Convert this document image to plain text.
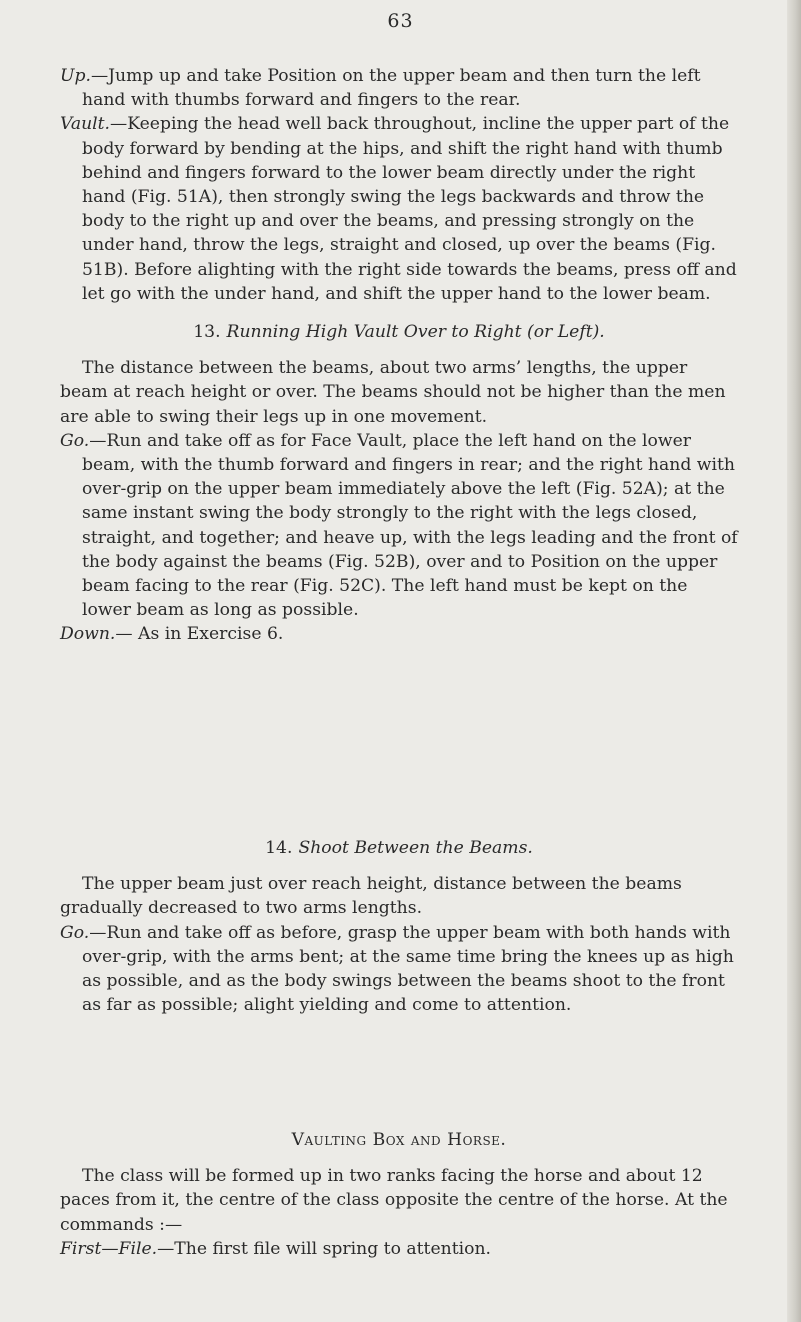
63

Up.—Jump up and take Position on the upper beam and then turn the left hand with thumbs forward and fingers to the rear.

Vault.—Keeping the head well back throughout, incline the upper part of the body forward by bending at the hips, and shift the right hand with thumb behind and fingers forward to the lower beam directly under the right hand (Fig. 51A), then strongly swing the legs backwards and throw the body to the right up and over the beams, and pressing strongly on the under hand, throw the legs, straight and closed, up over the beams (Fig. 51B). Before alighting with the right side towards the beams, press off and let go with the under hand, and shift the upper hand to the lower beam.

13. Running High Vault Over to Right (or Left).

The distance between the beams, about two arms’ lengths, the upper beam at reach height or over. The beams should not be higher than the men are able to swing their legs up in one movement.

Go.—Run and take off as for Face Vault, place the left hand on the lower beam, with the thumb forward and fingers in rear; and the right hand with over-grip on the upper beam immediately above the left (Fig. 52A); at the same instant swing the body strongly to the right with the legs closed, straight, and together; and heave up, with the legs leading and the front of the body against the beams (Fig. 52B), over and to Position on the upper beam facing to the rear (Fig. 52C). The left hand must be kept on the lower beam as long as possible.

Down.— As in Exercise 6.

14. Shoot Between the Beams.

The upper beam just over reach height, distance between the beams gradually decreased to two arms lengths.

Go.—Run and take off as before, grasp the upper beam with both hands with over-grip, with the arms bent; at the same time bring the knees up as high as possible, and as the body swings between the beams shoot to the front as far as possible; alight yielding and come to attention.

Vaulting Box and Horse.

The class will be formed up in two ranks facing the horse and about 12 paces from it, the centre of the class opposite the centre of the horse. At the commands :—

First—File.—The first file will spring to attention.
